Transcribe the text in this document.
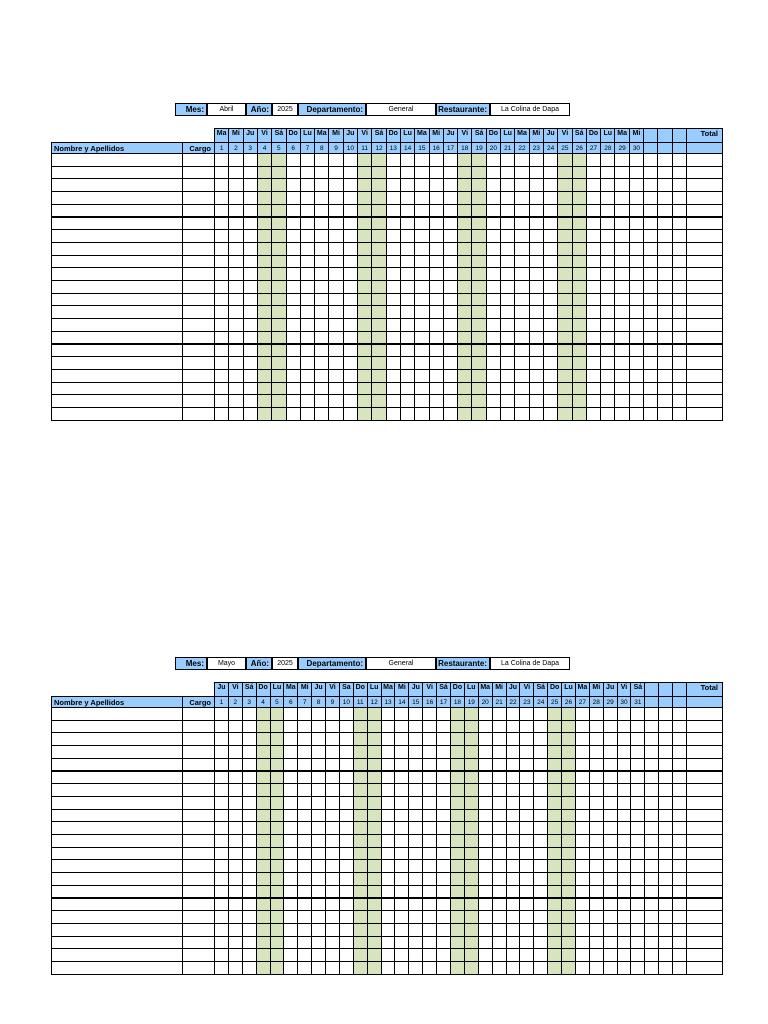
Mes:	Abril	Año:	2025	Departamento:	General	Restaurante:	La Colina de Dapa
Ma Mi Ju Vi Sá Do Lu Ma Mi Ju Vi Sá Do Lu Ma Mi Ju Vi Sá Do Lu Ma Mi Ju Vi Sá Do Lu Ma Mi	Total
Nombre y Apellidos	Cargo	1	2	3	4	5	6	7	8	9	10	11	12	13	14	15	16	17	18	19	20	21	22	23	24	25	26	27	28	29	30
Mes:	Mayo	Año:	2025	Departamento:	General	Restaurante:	La Colina de Dapa
Ju Vi Sá Do Lu Ma Mi Ju Vi Sa Do Lu Ma Mi Ju Vi Sá Do Lu Ma Mi Ju Vi Sá Do Lu Ma Mi Ju Vi Sá	Total
Nombre y Apellidos	Cargo	1	2	3	4	5	6	7	8	9	10	11	12	13	14	15	16	17	18	19	20	21	22	23	24	25	26	27	28	29	30	31
